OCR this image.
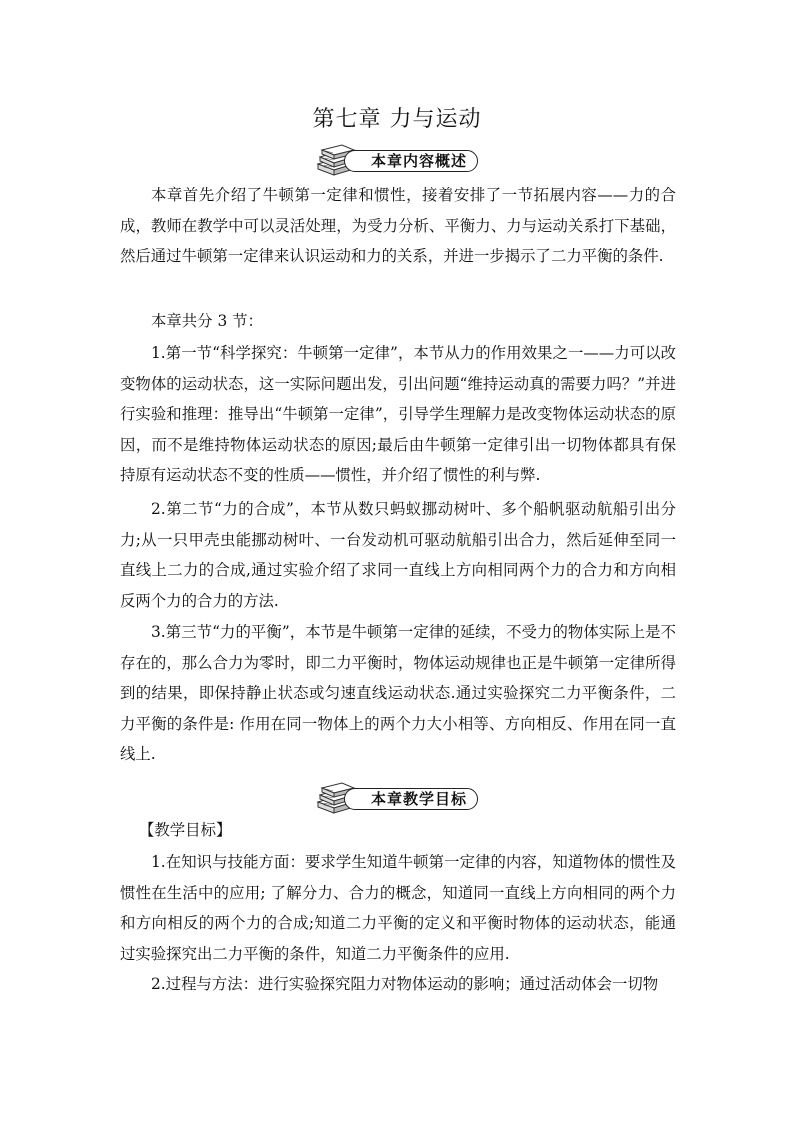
第七章 力与运动
本章内容概述

本章首先介绍了牛顿第一定律和惯性，接着安排了一节拓展内容——力的合成，教师在教学中可以灵活处理，为受力分析、平衡力、力与运动关系打下基础，然后通过牛顿第一定律来认识运动和力的关系，并进一步揭示了二力平衡的条件.

本章共分 3 节：

1.第一节“科学探究：牛顿第一定律”，本节从力的作用效果之一——力可以改变物体的运动状态，这一实际问题出发，引出问题“维持运动真的需要力吗？”并进行实验和推理：推导出“牛顿第一定律”，引导学生理解力是改变物体运动状态的原因，而不是维持物体运动状态的原因;最后由牛顿第一定律引出一切物体都具有保持原有运动状态不变的性质——惯性，并介绍了惯性的利与弊.

2.第二节“力的合成”，本节从数只蚂蚁挪动树叶、多个船帆驱动航船引出分力;从一只甲壳虫能挪动树叶、一台发动机可驱动航船引出合力，然后延伸至同一直线上二力的合成,通过实验介绍了求同一直线上方向相同两个力的合力和方向相反两个力的合力的方法.

3.第三节“力的平衡”，本节是牛顿第一定律的延续，不受力的物体实际上是不存在的，那么合力为零时，即二力平衡时，物体运动规律也正是牛顿第一定律所得到的结果，即保持静止状态或匀速直线运动状态.通过实验探究二力平衡条件，二力平衡的条件是: 作用在同一物体上的两个力大小相等、方向相反、作用在同一直线上.

本章教学目标
【教学目标】

1.在知识与技能方面：要求学生知道牛顿第一定律的内容，知道物体的惯性及惯性在生活中的应用; 了解分力、合力的概念，知道同一直线上方向相同的两个力和方向相反的两个力的合成;知道二力平衡的定义和平衡时物体的运动状态，能通过实验探究出二力平衡的条件，知道二力平衡条件的应用.

2.过程与方法：进行实验探究阻力对物体运动的影响；通过活动体会一切物
